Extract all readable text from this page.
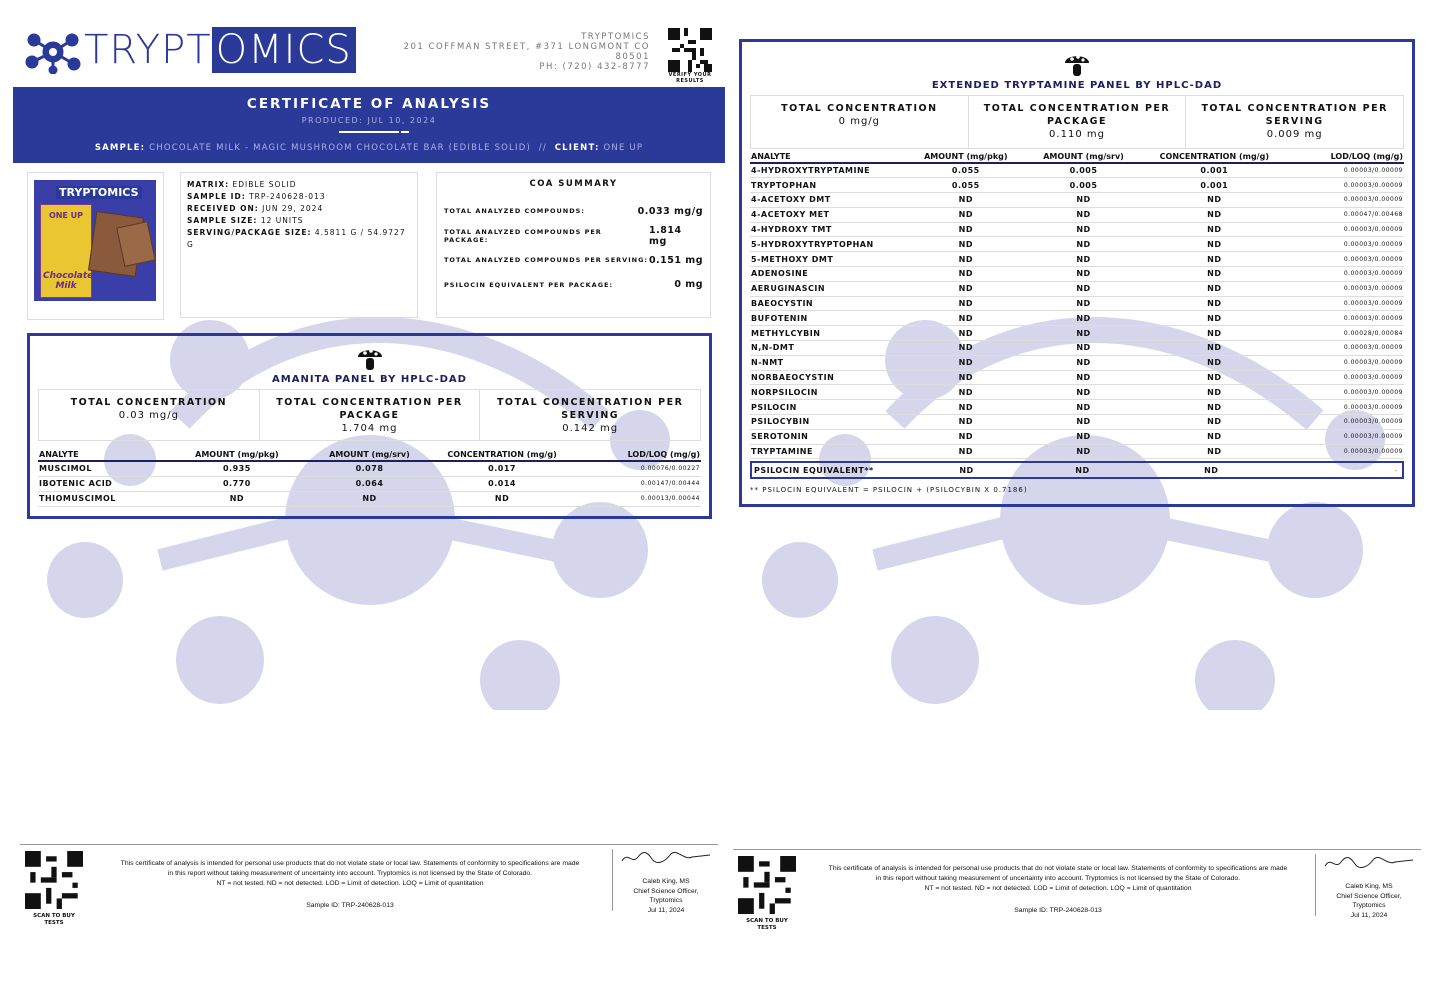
TRYPT OMICS	TRYPTOMICS
201 COFFMAN STREET, #371 LONGMONT CO 80501
PH: (720) 432-8777
VERIFY YOUR RESULTS
CERTIFICATE OF ANALYSIS
PRODUCED: JUL 10, 2024
SAMPLE: CHOCOLATE MILK - MAGIC MUSHROOM CHOCOLATE BAR (EDIBLE SOLID) // CLIENT: ONE UP
TRYPTOMICS
ONE UP
Chocolate Milk
MATRIX: EDIBLE SOLID
SAMPLE ID: TRP-240628-013
RECEIVED ON: JUN 29, 2024
SAMPLE SIZE: 12 UNITS
SERVING/PACKAGE SIZE: 4.5811 G / 54.9727 G
COA SUMMARY
TOTAL ANALYZED COMPOUNDS:	0.033 mg/g
TOTAL ANALYZED COMPOUNDS PER PACKAGE:
1.814 mg
TOTAL ANALYZED COMPOUNDS PER SERVING: 0.151 mg
PSILOCIN EQUIVALENT PER PACKAGE:	0 mg
AMANITA PANEL BY HPLC-DAD
TOTAL CONCENTRATION
0.03 mg/g
TOTAL CONCENTRATION PER PACKAGE
1.704 mg
TOTAL CONCENTRATION PER SERVING
0.142 mg
ANALYTE	AMOUNT (mg/pkg)	AMOUNT (mg/srv)	CONCENTRATION (mg/g)	LOD/LOQ (mg/g)
MUSCIMOL	0.935	0.078	0.017	0.00076/0.00227
IBOTENIC ACID	0.770	0.064	0.014	0.00147/0.00444
THIOMUSCIMOL	ND	ND	ND	0.00013/0.00044
EXTENDED TRYPTAMINE PANEL BY HPLC-DAD
TOTAL CONCENTRATION
0 mg/g
TOTAL CONCENTRATION PER PACKAGE
0.110 mg
TOTAL CONCENTRATION PER SERVING
0.009 mg
ANALYTE	AMOUNT (mg/pkg)	AMOUNT (mg/srv)	CONCENTRATION (mg/g)	LOD/LOQ (mg/g)
4-HYDROXYTRYPTAMINE	0.055	0.005	0.001	0.00003/0.00009
TRYPTOPHAN	0.055	0.005	0.001	0.00003/0.00009
4-ACETOXY DMT	ND	ND	ND	0.00003/0.00009
4-ACETOXY MET	ND	ND	ND	0.00047/0.00468
4-HYDROXY TMT	ND	ND	ND	0.00003/0.00009
5-HYDROXYTRYPTOPHAN	ND	ND	ND	0.00003/0.00009
5-METHOXY DMT	ND	ND	ND	0.00003/0.00009
ADENOSINE	ND	ND	ND	0.00003/0.00009
AERUGINASCIN	ND	ND	ND	0.00003/0.00009
BAEOCYSTIN	ND	ND	ND	0.00003/0.00009
BUFOTENIN	ND	ND	ND	0.00003/0.00009
METHYLCYBIN	ND	ND	ND	0.00028/0.00084
N,N-DMT	ND	ND	ND	0.00003/0.00009
N-NMT	ND	ND	ND	0.00003/0.00009
NORBAEOCYSTIN	ND	ND	ND	0.00003/0.00009
NORPSILOCIN	ND	ND	ND	0.00003/0.00009
PSILOCIN	ND	ND	ND	0.00003/0.00009
PSILOCYBIN	ND	ND	ND	0.00003/0.00009
SEROTONIN	ND	ND	ND	0.00003/0.00009
TRYPTAMINE	ND	ND	ND	0.00003/0.00009
PSILOCIN EQUIVALENT**	ND	ND	ND	-
** PSILOCIN EQUIVALENT = PSILOCIN + (PSILOCYBIN X 0.7186)
SCAN TO BUY
TESTS
This certificate of analysis is intended for personal use products that do not violate state or local law. Statements of conformity to specifications are made
in this report without taking measurement of uncertainty into account. Tryptomics is not licensed by the State of Colorado.
NT = not tested. ND = not detected. LOD = Limit of detection. LOQ = Limit of quantitation
Sample ID: TRP-240628-013
Caleb King, MS
Chief Science Officer,
Tryptomics
Jul 11, 2024
SCAN TO BUY
TESTS
This certificate of analysis is intended for personal use products that do not violate state or local law. Statements of conformity to specifications are made
in this report without taking measurement of uncertainty into account. Tryptomics is not licensed by the State of Colorado.
NT = not tested. ND = not detected. LOD = Limit of detection. LOQ = Limit of quantitation
Sample ID: TRP-240628-013
Caleb King, MS
Chief Science Officer,
Tryptomics
Jul 11, 2024
